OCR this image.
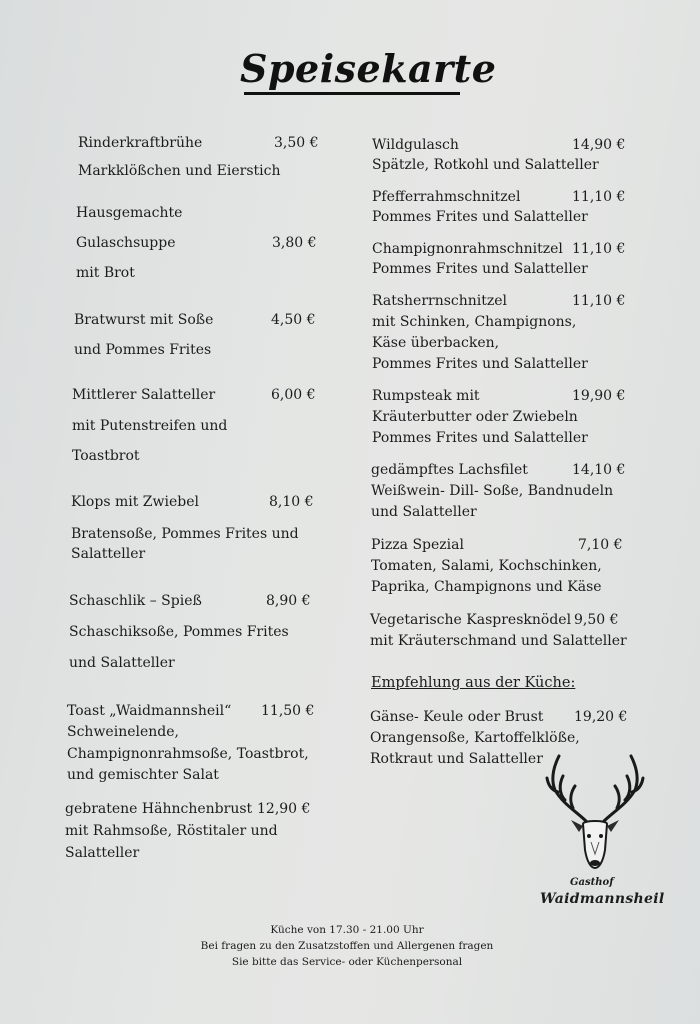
Speisekarte
Rinderkraftbrühe	3,50 €
Markklößchen und Eierstich
Hausgemachte
Gulaschsuppe	3,80 €
mit Brot
Bratwurst mit Soße	4,50 €
und Pommes Frites
Mittlerer Salatteller	6,00 €
mit Putenstreifen und
Toastbrot
Klops mit Zwiebel	8,10 €
Bratensoße, Pommes Frites und
Salatteller
Schaschlik – Spieß	8,90 €
Schaschiksoße, Pommes Frites
und Salatteller
Toast „Waidmannsheil“ 11,50 €
Schweinelende,
Champignonrahmsoße, Toastbrot,
und gemischter Salat
gebratene Hähnchenbrust 12,90 €
mit Rahmsoße, Röstitaler und
Salatteller
Wildgulasch	14,90 €
Spätzle, Rotkohl und Salatteller
Pfefferrahmschnitzel	11,10 €
Pommes Frites und Salatteller
Champignonrahmschnitzel 11,10 €
Pommes Frites und Salatteller
Ratsherrnschnitzel	11,10 €
mit Schinken, Champignons,
Käse überbacken,
Pommes Frites und Salatteller
Rumpsteak mit	19,90 €
Kräuterbutter oder Zwiebeln
Pommes Frites und Salatteller
gedämpftes Lachsfilet	14,10 €
Weißwein- Dill- Soße, Bandnudeln
und Salatteller
Pizza Spezial	7,10 €
Tomaten, Salami, Kochschinken,
Paprika, Champignons und Käse
Vegetarische Kaspresknödel 9,50 €
mit Kräuterschmand und Salatteller
Empfehlung aus der Küche:
Gänse- Keule oder Brust 19,20 €
Orangensoße, Kartoffelklöße,
Rotkraut und Salatteller
Gasthof
Waidmannsheil
Küche von 17.30 - 21.00 Uhr
Bei fragen zu den Zusatzstoffen und Allergenen fragen
Sie bitte das Service- oder Küchenpersonal
